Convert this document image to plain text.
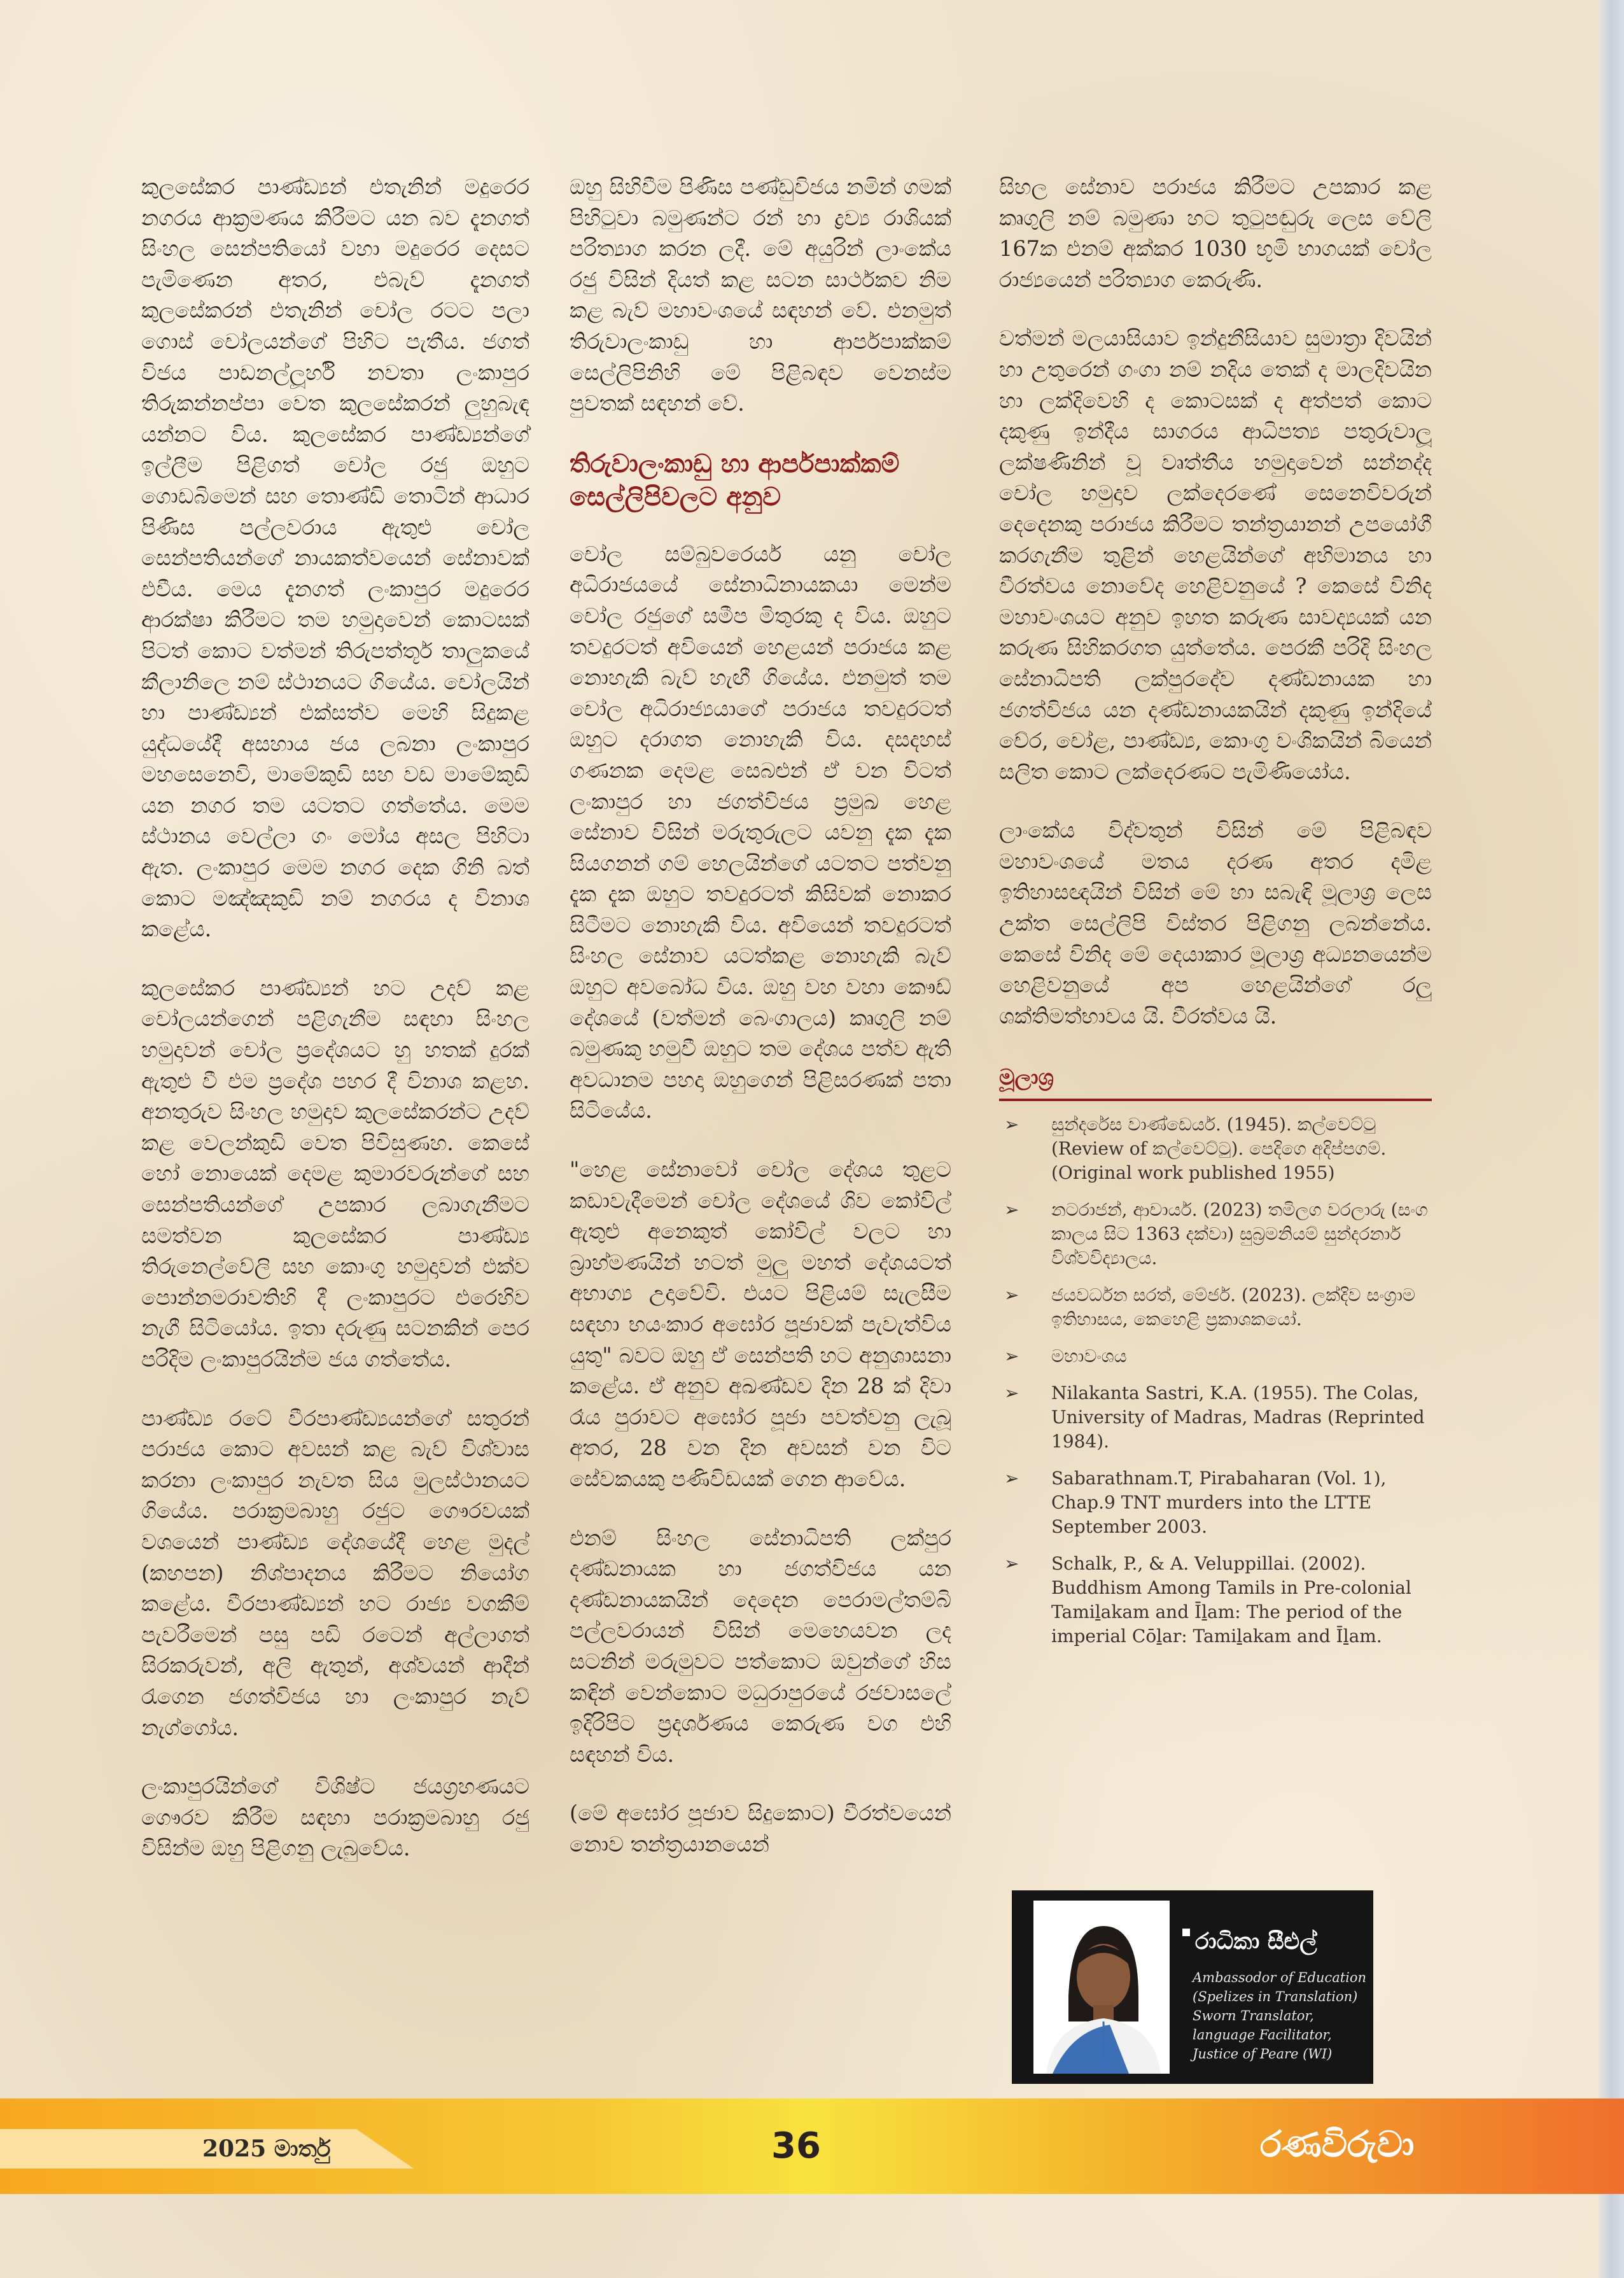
කුලසේකර පාණ්ඩ්‍යන් එතැනින් මදුරෙර නගරය ආක්‍රමණය කිරීමට යන බව දැනගත් සිංහල සෙන්පතියෝ වහා මදුරෙර දෙසට පැමිණෙන අතර, එබැව් දැනගත් කුලසේකරන් එතැනින් චෝල රටට පලා ගොස් චෝලයන්ගේ පිහිට පැතීය. ජගත් විජය පාඩනල්ලූර්හි නවතා ලංකාපුර තිරුකන්නප්පා වෙත කුලසේකරන් ලුහුබැඳ යන්නට විය. කුලසේකර පාණ්ඩ්‍යන්ගේ ඉල්ලීම පිළිගත් චෝල රජු ඔහුට ගොඩබිමෙන් සහ තොණ්ඩි තොටින් ආධාර පිණිස පල්ලවරාය ඇතුළු චෝල සෙන්පතියන්ගේ නායකත්වයෙන් සේනාවක් එවීය. මෙය දැනගත් ලංකාපුර මදුරෙර ආරක්ෂා කිරීමට තම හමුදාවෙන් කොටසක් පිටත් කොට වත්මන් තිරුපත්තූර් තාලුකයේ කීලානිලෙ නම් ස්ථානයට ගියේය. චෝලයින් හා පාණ්ඩ්‍යන් එක්සත්ව මෙහි සිදුකළ යුද්ධයේදී අසහාය ජය ලබනා ලංකාපුර මහසෙනෙවි, මාමේකුඩි සහ වඩ මාමේකුඩි යන නගර තම යටතට ගත්තේය. මෙම ස්ථානය වෙල්ලා ගං මෝය අසල පිහිටා ඇත. ලංකාපුර මෙම නගර දෙක ගිනි බත් කොට මඤ්ඤකුඩි නම් නගරය ද විනාශ කළේය.

කුලසේකර පාණ්ඩ්‍යන් හට උදව් කළ චෝලයන්ගෙන් පළිගැනීම සඳහා සිංහල හමුදාවන් චෝල ප්‍රදේශයට හු හතක් දුරක් ඇතුළු වී එම ප්‍රදේශ පහර දී විනාශ කළහ. අනතුරුව සිංහල හමුදාව කුලසේකරන්ට උදව් කළ වෙලන්කුඩි වෙත පිවිසුණහ. කෙසේ හෝ නොයෙක් දෙමළ කුමාරවරුන්ගේ සහ සෙන්පතියන්ගේ උපකාර ලබාගැනීමට සමත්වන කුලසේකර පාණ්ඩ්‍ය තිරුනෙල්වේලි සහ කොංගු හමුදාවන් එක්ව පොන්නමරාවතිහි දී ලංකාපුරට එරෙහිව නැගී සිටියෝය. ඉතා දරුණු සටනකින් පෙර පරිදිම ලංකාපුරයින්ම ජය ගත්තේය.

පාණ්ඩ්‍ය රටේ වීරපාණ්ඩ්‍යයන්ගේ සතුරන් පරාජය කොට අවසන් කළ බැව් විශ්වාස කරනා ලංකාපුර නැවත සිය මුලස්ථානයට ගියේය. පරාක්‍රමබාහු රජුට ගෞරවයක් වශයෙන් පාණ්ඩ්‍ය දේශයේදී හෙළ මුදල් (කහපන) නිශ්පාදනය කිරීමට නියෝග කළේය. වීරපාණ්ඩ්‍යන් හට රාජ්‍ය වගකීම් පැවරීමෙන් පසු පඩි රටෙන් අල්ලාගත් සිරකරුවන්, අලි ඇතුන්, අශ්වයන් ආදීන් රැගෙන ජගත්විජය හා ලංකාපුර නැව් නැග්ගෝය.

ලංකාපුරයින්ගේ විශිෂ්ට ජයග්‍රහණයට ගෞරව කිරීම සඳහා පරාක්‍රමබාහු රජු විසින්ම ඔහු පිළිගනු ලැබුවේය.

ඔහු සිහිවීම පිණිස පණ්ඩුවිජය නමින් ගමක් පිහිටුවා බමුණන්ට රන් හා ද්‍රව්‍ය රාශියක් පරිත්‍යාග කරන ලදී. මේ අයුරින් ලාංකේය රජු විසින් දියත් කළ සටන සාර්ථකව නිම කළ බැව් මහාවංශයේ සඳහන් වේ. එනමුත් තිරුවාලංකාඩු හා ආර්පපාක්කම් සෙල්ලිපිනිහි මේ පිළිබඳව වෙනස්ම පුවතක් සඳහන් වේ.

තිරුවාලංකාඩු හා ආර්පපාක්කම් සෙල්ලිපිවලට අනුව

චෝල සම්බුවරෙයර් යනු චෝල අධිරාජයයේ සේනාධිනායකයා මෙන්ම චෝල රජුගේ සමීප මිතුරකු ද විය. ඔහුට තවදුරටත් අවියෙන් හෙළයන් පරාජය කළ නොහැකි බැව් හැඟී ගියේය. එනමුත් තම චෝල අධිරාජ්‍යයාගේ පරාජය තවදුරටත් ඔහුට දරාගත නොහැකි විය. දසදහස් ගණනක දෙමළ සෙබළුන් ඒ වන විටත් ලංකාපුර හා ජගත්විජය ප්‍රමුඛ හෙළ සේනාව විසින් මරුතුරුලට යවනු දැක දැක සියගනන් ගම් හෙලයින්ගේ යටතට පත්වනු දැක දැක ඔහුට තවදුරටත් කිසිවක් නොකර සිටීමට නොහැකි විය. අවියෙන් තවදුරටත් සිංහල සේනාව යටත්කළ නොහැකි බැව් ඔහුට අවබෝධ විය. ඔහු වහ වහා කෞඩ් දේශයේ (වත්මන් බෙංගාලය) කෘගුලි නම් බමුණකු හමුවී ඔහුට තම දේශය පත්ව ඇති අවධානම පහදා ඔහුගෙන් පිළිසරණක් පතා සිටියේය.

"හෙළ සේනාවෝ චෝල දේශය තුළට කඩාවැදීමෙන් චෝල දේශයේ ශිව කෝවිල් ඇතුළු අනෙකුත් කෝවිල් වලට හා බ්‍රාහ්මණයින් හටත් මුලු මහත් දේශයටත් අභාග්‍ය උදාවේවි. එයට පිළියම් සැලසීම සඳහා භයංකාර අඝෝර පූජාවක් පැවැත්විය යුතු" බවට ඔහු ඒ සෙන්පති හට අනුශාසනා කළේය. ඒ අනුව අඛණ්ඩව දින 28 ක් දිවා රෑය පුරාවට අඝෝර පූජා පවත්වනු ලැබූ අතර, 28 වන දින අවසන් වන විට සේවකයකු පණිවිඩයක් ගෙන ආවේය.

එනම් සිංහල සේනාධිපති ලක්පුර දණ්ඩනායක හා ජගත්විජය යන දණ්ඩනායකයින් දෙදෙන පෙරාමල්තම්බි පල්ලවරායන් විසින් මෙහෙයවන ලද සටනින් මරුමුවට පත්කොට ඔවුන්ගේ හිස කඳින් වෙන්කොට මධුරාපුරයේ රජවාසලේ ඉදිරිපිට ප්‍රදර්ශණය කෙරුණ වග එහි සඳහන් විය.

(මේ අඝෝර පූජාව සිදුකොට) වීරත්වයෙන් නොව තන්ත්‍රයානයෙන්

සිහල සේනාව පරාජය කිරීමට උපකාර කළ කෘගුලි නම් බමුණා හට තුටුපඬුරු ලෙස වේලි 167ක එනම් අක්කර 1030 භූමි භාගයක් චෝල රාජ්‍යයෙන් පරිත්‍යාග කෙරුණි.

වත්මන් මලයාසියාව ඉන්දුනීසියාව සුමාත්‍රා දිවයින් හා උතුරෙන් ගංගා නම් නදිය තෙක් ද මාලදිවයින හා ලක්දිවෙහි ද කොටසක් ද අත්පත් කොට දකුණු ඉන්දීය සාගරය ආධිපත්‍ය පතුරුවාලූ ලක්ෂණිනින් වූ වෘත්තීය හමුදාවෙන් සන්නද්ද චෝල හමුදාව ලක්දෙරණේ සෙනෙවිවරුන් දෙදෙනකු පරාජය කිරීමට තන්ත්‍රයානන් උපයෝගී කරගැනීම තුළින් හෙළයින්ගේ අභිමානය හා වීරත්වය නොවේද හෙළිවනුයේ ? කෙසේ විනිද මහාවංශයට අනුව ඉහත කරුණ සාවද්‍යයක් යන කරුණ සිහිකරගත යුත්තේය. පෙරකී පරිදි සිංහල සේනාධිපති ලක්පුරදේව දණ්ඩනායක හා ජගත්විජය යන දණ්ඩනායකයින් දකුණු ඉන්දියේ චේර, චෝළ, පාණ්ඩ්‍ය, කොංගු වංශිකයින් බියෙන් සලිත කොට ලක්දෙරණට පැමිණියෝය.

ලාංකේය විද්වතුන් විසින් මේ පිළිබඳව මහාවංශයේ මතය දරණ අතර දමිළ ඉතිහාසඥයින් විසින් මේ හා සබැඳි මූලාශ්‍ර ලෙස උක්ත සෙල්ලිපි විස්තර පිළිගනු ලබන්නේය. කෙසේ විනිද මේ දෙයාකාර මූලාශ්‍ර අධ්‍යනයෙන්ම හෙළිවනුයේ අප හෙළයින්ගේ රලු ශක්තිමත්භාවය යි. වීරත්වය යි.

මූලාශ්‍ර
➢ සුන්දරේස වාණ්ඩෙයර්. (1945). කල්වෙට්ටු (Review of කල්වෙට්ටු). පෙදිගෙ අදිප්පගම්. (Original work published 1955)
➢ නටරාජන්, ආචාර්ය. (2023) තමිලග වරලාරු (සංග කාලය සිට 1363 දක්වා) සුබ්‍රමනියම් සුන්දරනාර් විශ්වවිද්‍යාලය.
➢ ජයවර්ධන සරත්, මේජර්. (2023). ලක්දිව සංග්‍රාම ඉතිහාසය, කෙහෙළි ප්‍රකාශකයෝ.
➢ මහාවංශය
➢ Nilakanta Sastri, K.A. (1955). The Colas, University of Madras, Madras (Reprinted 1984).
➢ Sabarathnam.T, Pirabaharan (Vol. 1), Chap.9 TNT murders into the LTTE September 2003.
➢ Schalk, P., & A. Veluppillai. (2002). Buddhism Among Tamils in Pre-colonial Tamiḻakam and Īḻam: The period of the imperial Cōḻar: Tamiḻakam and Īḻam.
රාධිකා සීළුල්
Ambassodor of Education
(Spelizes in Translation)
Sworn Translator,
language Facilitator,
Justice of Peare (WI)
2025 මාර්තු	36	රණවිරුවා
